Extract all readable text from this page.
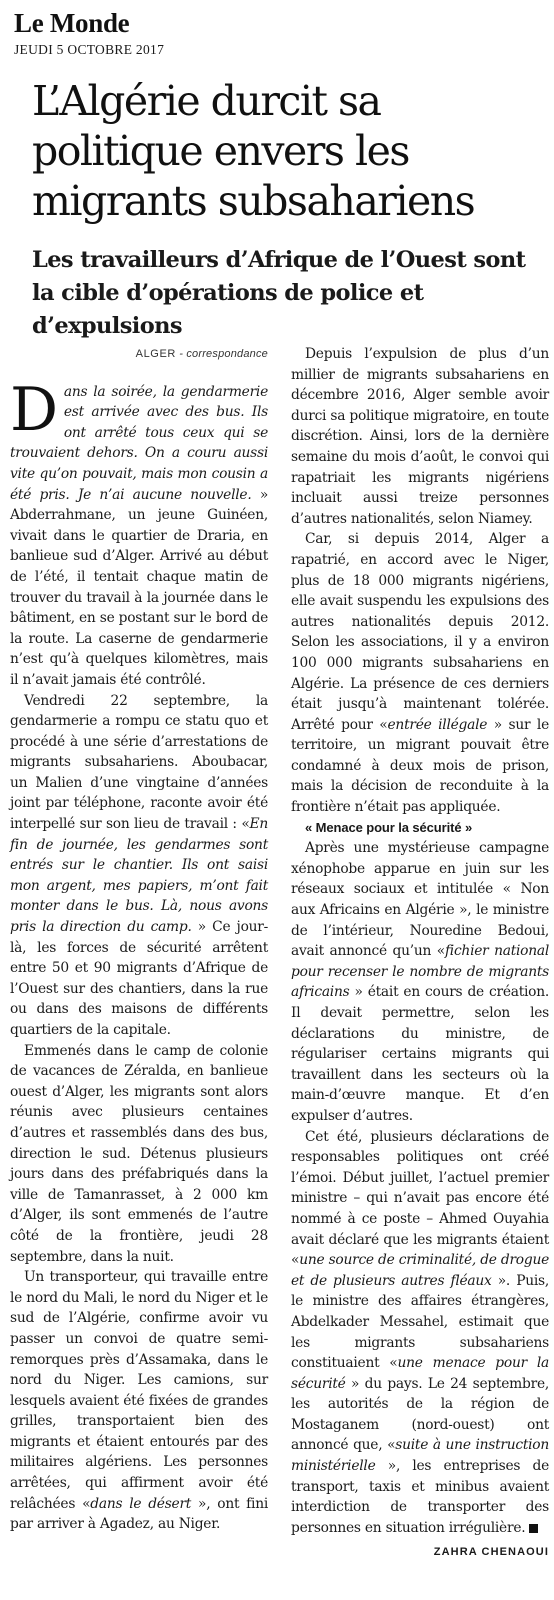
Le Monde
JEUDI 5 OCTOBRE 2017
L’Algérie durcit sa politique envers les migrants subsahariens
Les travailleurs d’Afrique de l’Ouest sont la cible d’opérations de police et d’expulsions
ALGER - correspondance

Dans la soirée, la gendarmerie est arrivée avec des bus. Ils ont arrêté tous ceux qui se trouvaient dehors. On a couru aussi vite qu’on pouvait, mais mon cousin a été pris. Je n’ai aucune nouvelle. » Abderrahmane, un jeune Guinéen, vivait dans le quartier de Draria, en banlieue sud d’Alger. Arrivé au début de l’été, il tentait chaque matin de trouver du travail à la journée dans le bâtiment, en se postant sur le bord de la route. La caserne de gendarmerie n’est qu’à quelques kilomètres, mais il n’avait jamais été contrôlé.

Vendredi 22 septembre, la gendarmerie a rompu ce statu quo et procédé à une série d’arrestations de migrants subsahariens. Aboubacar, un Malien d’une vingtaine d’années joint par téléphone, raconte avoir été interpellé sur son lieu de travail : «En fin de journée, les gendarmes sont entrés sur le chantier. Ils ont saisi mon argent, mes papiers, m’ont fait monter dans le bus. Là, nous avons pris la direction du camp. » Ce jour-là, les forces de sécurité arrêtent entre 50 et 90 migrants d’Afrique de l’Ouest sur des chantiers, dans la rue ou dans des maisons de différents quartiers de la capitale.

Emmenés dans le camp de colonie de vacances de Zéralda, en banlieue ouest d’Alger, les migrants sont alors réunis avec plusieurs centaines d’autres et rassemblés dans des bus, direction le sud. Détenus plusieurs jours dans des préfabriqués dans la ville de Tamanrasset, à 2 000 km d’Alger, ils sont emmenés de l’autre côté de la frontière, jeudi 28 septembre, dans la nuit.

Un transporteur, qui travaille entre le nord du Mali, le nord du Niger et le sud de l’Algérie, confirme avoir vu passer un convoi de quatre semi-remorques près d’Assamaka, dans le nord du Niger. Les camions, sur lesquels avaient été fixées de grandes grilles, transportaient bien des migrants et étaient entourés par des militaires algériens. Les personnes arrêtées, qui affirment avoir été relâchées «dans le désert », ont fini par arriver à Agadez, au Niger.

Depuis l’expulsion de plus d’un millier de migrants subsahariens en décembre 2016, Alger semble avoir durci sa politique migratoire, en toute discrétion. Ainsi, lors de la dernière semaine du mois d’août, le convoi qui rapatriait les migrants nigériens incluait aussi treize personnes d’autres nationalités, selon Niamey.

Car, si depuis 2014, Alger a rapatrié, en accord avec le Niger, plus de 18 000 migrants nigériens, elle avait suspendu les expulsions des autres nationalités depuis 2012. Selon les associations, il y a environ 100 000 migrants subsahariens en Algérie. La présence de ces derniers était jusqu’à maintenant tolérée. Arrêté pour «entrée illégale » sur le territoire, un migrant pouvait être condamné à deux mois de prison, mais la décision de reconduite à la frontière n’était pas appliquée.

« Menace pour la sécurité »

Après une mystérieuse campagne xénophobe apparue en juin sur les réseaux sociaux et intitulée « Non aux Africains en Algérie », le ministre de l’intérieur, Nouredine Bedoui, avait annoncé qu’un «fichier national pour recenser le nombre de migrants africains » était en cours de création. Il devait permettre, selon les déclarations du ministre, de régulariser certains migrants qui travaillent dans les secteurs où la main-d’œuvre manque. Et d’en expulser d’autres.

Cet été, plusieurs déclarations de responsables politiques ont créé l’émoi. Début juillet, l’actuel premier ministre – qui n’avait pas encore été nommé à ce poste – Ahmed Ouyahia avait déclaré que les migrants étaient «une source de criminalité, de drogue et de plusieurs autres fléaux ». Puis, le ministre des affaires étrangères, Abdelkader Messahel, estimait que les migrants subsahariens constituaient «une menace pour la sécurité » du pays. Le 24 septembre, les autorités de la région de Mostaganem (nord-ouest) ont annoncé que, «suite à une instruction ministérielle », les entreprises de transport, taxis et minibus avaient interdiction de transporter des personnes en situation irrégulière.

ZAHRA CHENAOUI
